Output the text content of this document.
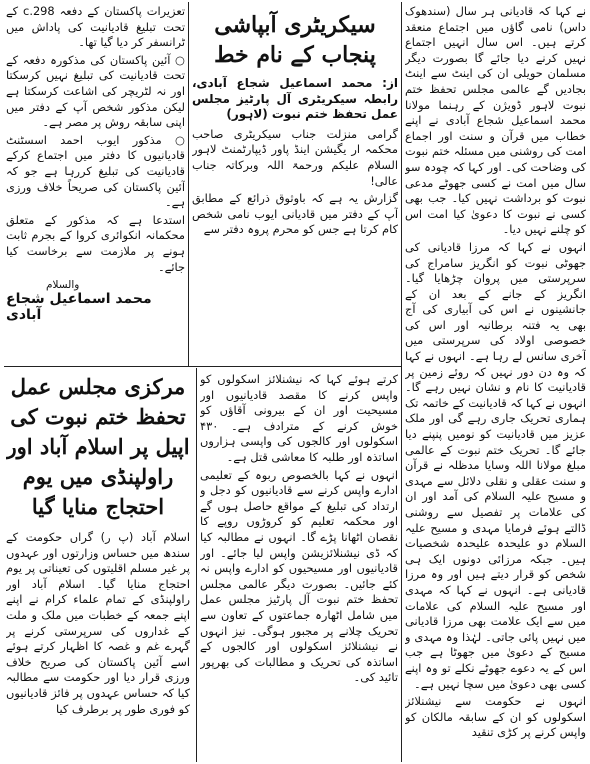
نے کہا کہ قادیانی ہر سال (سندھوک داس) نامی گاؤں میں اجتماع منعقد کرتے ہیں۔ اس سال انہیں اجتماع نہیں کرنے دیا جائے گا بصورت دیگر مسلمان حویلی ان کی اینٹ سے اینٹ بجادیں گے عالمی مجلس تحفظ ختم نبوت لاہور ڈویژن کے رہنما مولانا محمد اسماعیل شجاع آبادی نے اپنے خطاب میں قرآن و سنت اور اجماع امت کی روشنی میں مسئلہ ختم نبوت کی وضاحت کی۔ اور کہا کہ چودہ سو سال میں امت نے کسی جھوٹے مدعی نبوت کو برداشت نہیں کیا۔ جب بھی کسی نے نبوت کا دعویٰ کیا امت اس کو چلنے نہیں دیا۔

انہوں نے کہا کہ مرزا قادیانی کی جھوٹی نبوت کو انگریز سامراج کی سرپرستی میں پروان چڑھایا گیا۔ انگریز کے جانے کے بعد ان کے جانشینوں نے اس کی آبیاری کی آج بھی یہ فتنہ برطانیہ اور اس کی خصوصی اولاد کی سرپرستی میں آخری سانس لے رہا ہے۔ انہوں نے کہا کہ وہ دن دور نہیں کہ روئے زمین پر قادیانیت کا نام و نشان نہیں رہے گا۔ انہوں نے کہا کہ قادیانیت کے خاتمہ تک ہماری تحریک جاری رہے گی اور ملک عزیز میں قادیانیت کو نومیں پنپنے دیا جائے گا۔ تحریک ختم نبوت کے عالمی مبلغ مولانا اللہ وسایا مدظلہ نے قرآن و سنت عقلی و نقلی دلائل سے مہدی و مسیح علیہ السلام کی آمد اور ان کی علامات پر تفصیل سے روشنی ڈالتے ہوئے فرمایا مہدی و مسیح علیہ السلام دو علیحدہ علیحدہ شخصیات ہیں۔ جبکہ مرزائی دونوں ایک ہی شخص کو قرار دیتے ہیں اور وہ مرزا قادیانی ہے۔ انہوں نے کہا کہ مہدی اور مسیح علیہ السلام کی علامات میں سے ایک علامت بھی مرزا قادیانی میں نہیں پائی جاتی۔ لہٰذا وہ مہدی و مسیح کے دعویٰ میں جھوٹا ہے جب اس کے یہ دعوے جھوٹے نکلے تو وہ اپنے کسی بھی دعویٰ میں سچا نہیں ہے۔

انہوں نے حکومت سے نیشنلائز اسکولوں کو ان کے سابقہ مالکان کو واپس کرنے پر کڑی تنقید

سیکریٹری آبپاشی پنجاب کے نام خط
از: محمد اسماعیل شجاع آبادی، رابطہ سیکریٹری آل پارٹیز مجلس عمل تحفظ ختم نبوت (لاہور)

گرامی منزلت جناب سیکریٹری صاحب محکمہ ار یگیشن اینڈ پاور ڈیپارٹمنٹ لاہور السلام علیکم ورحمۃ اللہ وبرکاتہ جناب عالی!

گزارش یہ ہے کہ باوثوق ذرائع کے مطابق آپ کے دفتر میں قادیانی ایوب نامی شخص کام کرتا ہے جس کو محرم پروہ دفتر سے

تعزیرات پاکستان کے دفعہ 298.c کے تحت تبلیغ قادیانیت کی پاداش میں ٹرانسفر کر دیا گیا تھا۔

○ آئین پاکستان کی مذکورہ دفعہ کے تحت قادیانیت کی تبلیغ نہیں کرسکتا اور نہ لٹریچر کی اشاعت کرسکتا ہے لیکن مذکور شخص آپ کے دفتر میں اپنی سابقہ روش پر مصر ہے۔

○ مذکور ایوب احمد اسسٹنٹ قادیانیوں کا دفتر میں اجتماع کرکے قادیانیت کی تبلیغ کررہا ہے جو کہ آئین پاکستان کی صریحاً خلاف ورزی ہے۔

استدعا ہے کہ مذکور کے متعلق محکمانہ انکوائری کروا کے بجرم ثابت ہونے پر ملازمت سے برخاست کیا جائے۔

والسلام
محمد اسماعیل شجاع آبادی
مرکزی مجلس عمل تحفظ ختم نبوت کی اپیل پر اسلام آباد اور راولپنڈی میں یوم احتجاج منایا گیا

اسلام آباد (پ ر) گراں حکومت کے سندھ میں حساس وزارتوں اور عہدوں پر غیر مسلم اقلیتوں کی تعیناتی پر یوم احتجاج منایا گیا۔ اسلام آباد اور راولپنڈی کے تمام علماء کرام نے اپنے اپنے جمعہ کے خطبات میں ملک و ملت کے غداروں کی سرپرستی کرنے پر گہرے غم و غصہ کا اظہار کرتے ہوئے اسے آئین پاکستان کی صریح خلاف ورزی قرار دیا اور حکومت سے مطالبہ کیا کہ حساس عہدوں پر فائز قادیانیوں کو فوری طور پر برطرف کیا

کرتے ہوئے کہا کہ نیشنلائز اسکولوں کو واپس کرنے کا مقصد قادیانیوں اور مسیحیت اور ان کے بیرونی آقاؤں کو خوش کرنے کے مترادف ہے۔ ۴۳۰ اسکولوں اور کالجوں کی واپسی ہزاروں اساتذہ اور طلبہ کا معاشی قتل ہے۔

انہوں نے کہا بالخصوص ربوہ کے تعلیمی ادارے واپس کرنے سے قادیانیوں کو دجل و ارتداد کی تبلیغ کے مواقع حاصل ہوں گے اور محکمہ تعلیم کو کروڑوں روپے کا نقصان اٹھانا پڑے گا۔ انہوں نے مطالبہ کیا کہ ڈی نیشنلائزیشن واپس لیا جائے۔ اور قادیانیوں اور مسیحیوں کو ادارے واپس نہ کئے جائیں۔ بصورت دیگر عالمی مجلس تحفظ ختم نبوت آل پارٹیز مجلس عمل میں شامل اٹھارہ جماعتوں کے تعاون سے تحریک چلانے پر مجبور ہوگی۔ نیز انہوں نے نیشنلائز اسکولوں اور کالجوں کے اساتذہ کی تحریک و مطالبات کی بھرپور تائید کی۔
